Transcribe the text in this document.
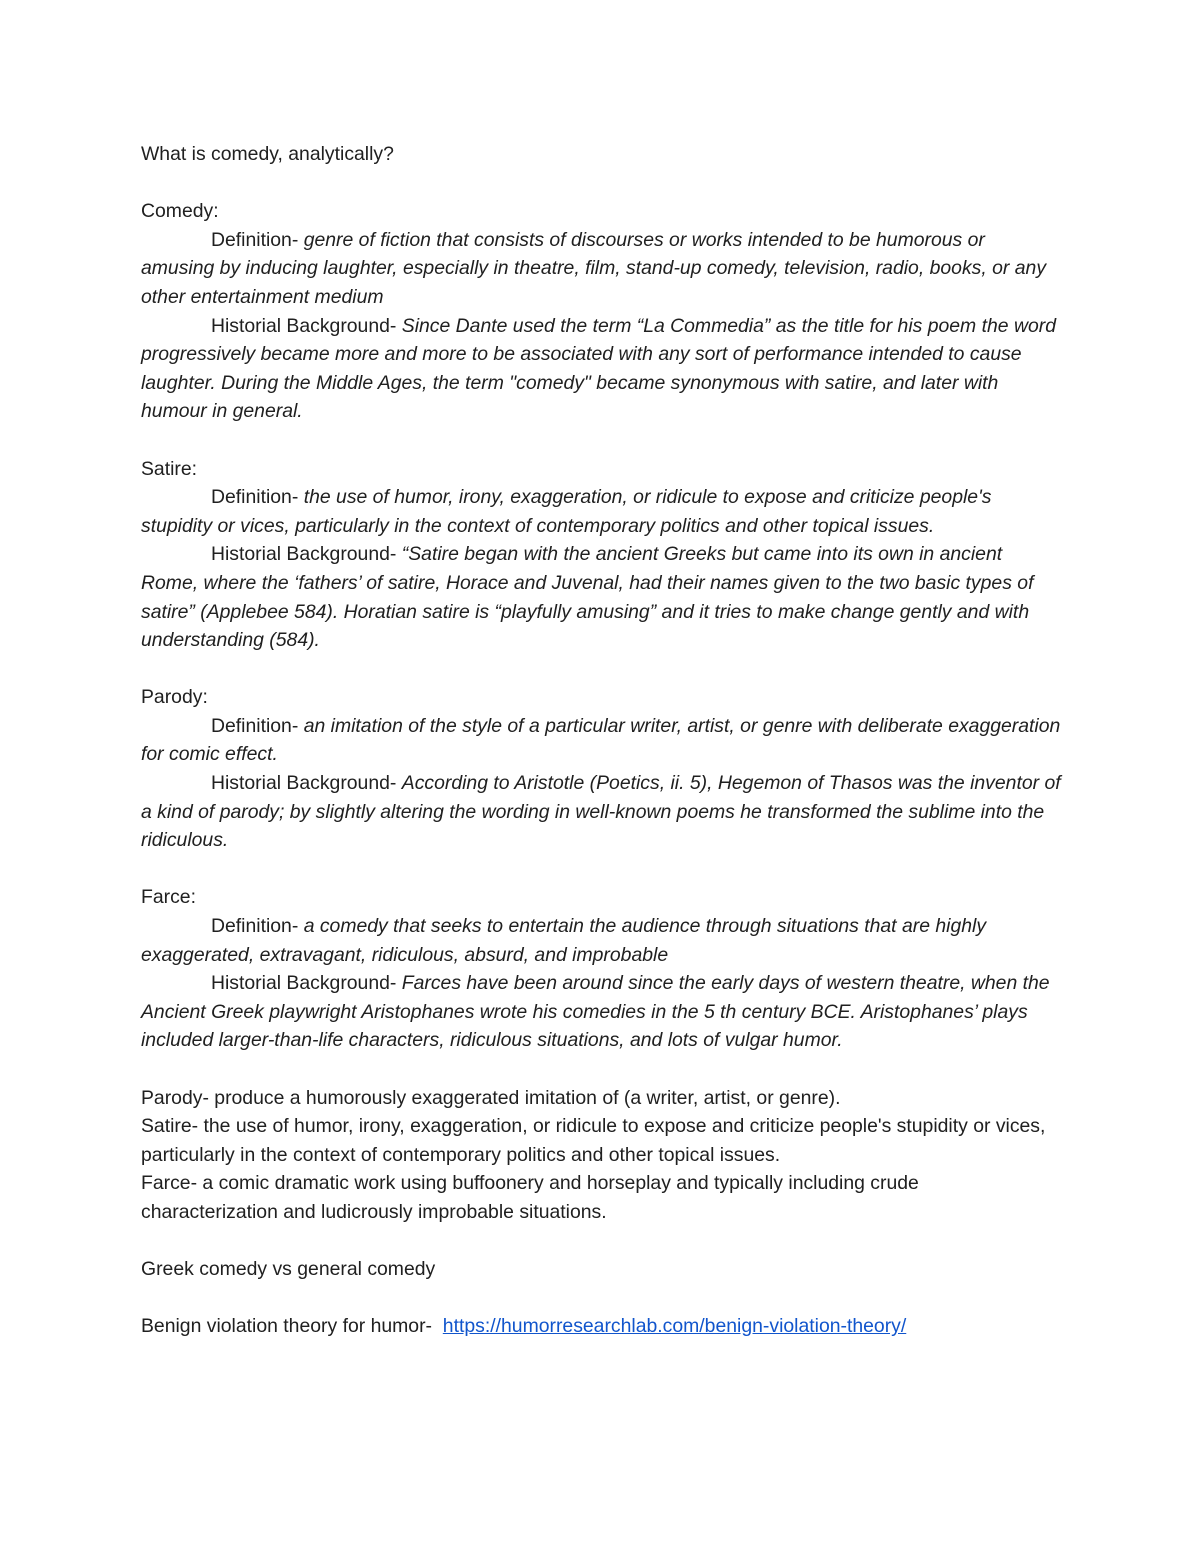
What is comedy, analytically?

Comedy:

Definition- genre of fiction that consists of discourses or works intended to be humorous or amusing by inducing laughter, especially in theatre, film, stand-up comedy, television, radio, books, or any other entertainment medium

Historial Background- Since Dante used the term “La Commedia” as the title for his poem the word progressively became more and more to be associated with any sort of performance intended to cause laughter. During the Middle Ages, the term "comedy" became synonymous with satire, and later with humour in general.

Satire:

Definition- the use of humor, irony, exaggeration, or ridicule to expose and criticize people's stupidity or vices, particularly in the context of contemporary politics and other topical issues.

Historial Background- “Satire began with the ancient Greeks but came into its own in ancient Rome, where the ‘fathers’ of satire, Horace and Juvenal, had their names given to the two basic types of satire” (Applebee 584). Horatian satire is “playfully amusing” and it tries to make change gently and with understanding (584).

Parody:

Definition- an imitation of the style of a particular writer, artist, or genre with deliberate exaggeration for comic effect.

Historial Background- According to Aristotle (Poetics, ii. 5), Hegemon of Thasos was the inventor of a kind of parody; by slightly altering the wording in well-known poems he transformed the sublime into the ridiculous.

Farce:

Definition- a comedy that seeks to entertain the audience through situations that are highly exaggerated, extravagant, ridiculous, absurd, and improbable

Historial Background- Farces have been around since the early days of western theatre, when the Ancient Greek playwright Aristophanes wrote his comedies in the 5 th century BCE. Aristophanes’ plays included larger-than-life characters, ridiculous situations, and lots of vulgar humor.

Parody- produce a humorously exaggerated imitation of (a writer, artist, or genre).

Satire- the use of humor, irony, exaggeration, or ridicule to expose and criticize people's stupidity or vices, particularly in the context of contemporary politics and other topical issues.

Farce- a comic dramatic work using buffoonery and horseplay and typically including crude characterization and ludicrously improbable situations.

Greek comedy vs general comedy

Benign violation theory for humor-  https://humorresearchlab.com/benign-violation-theory/
